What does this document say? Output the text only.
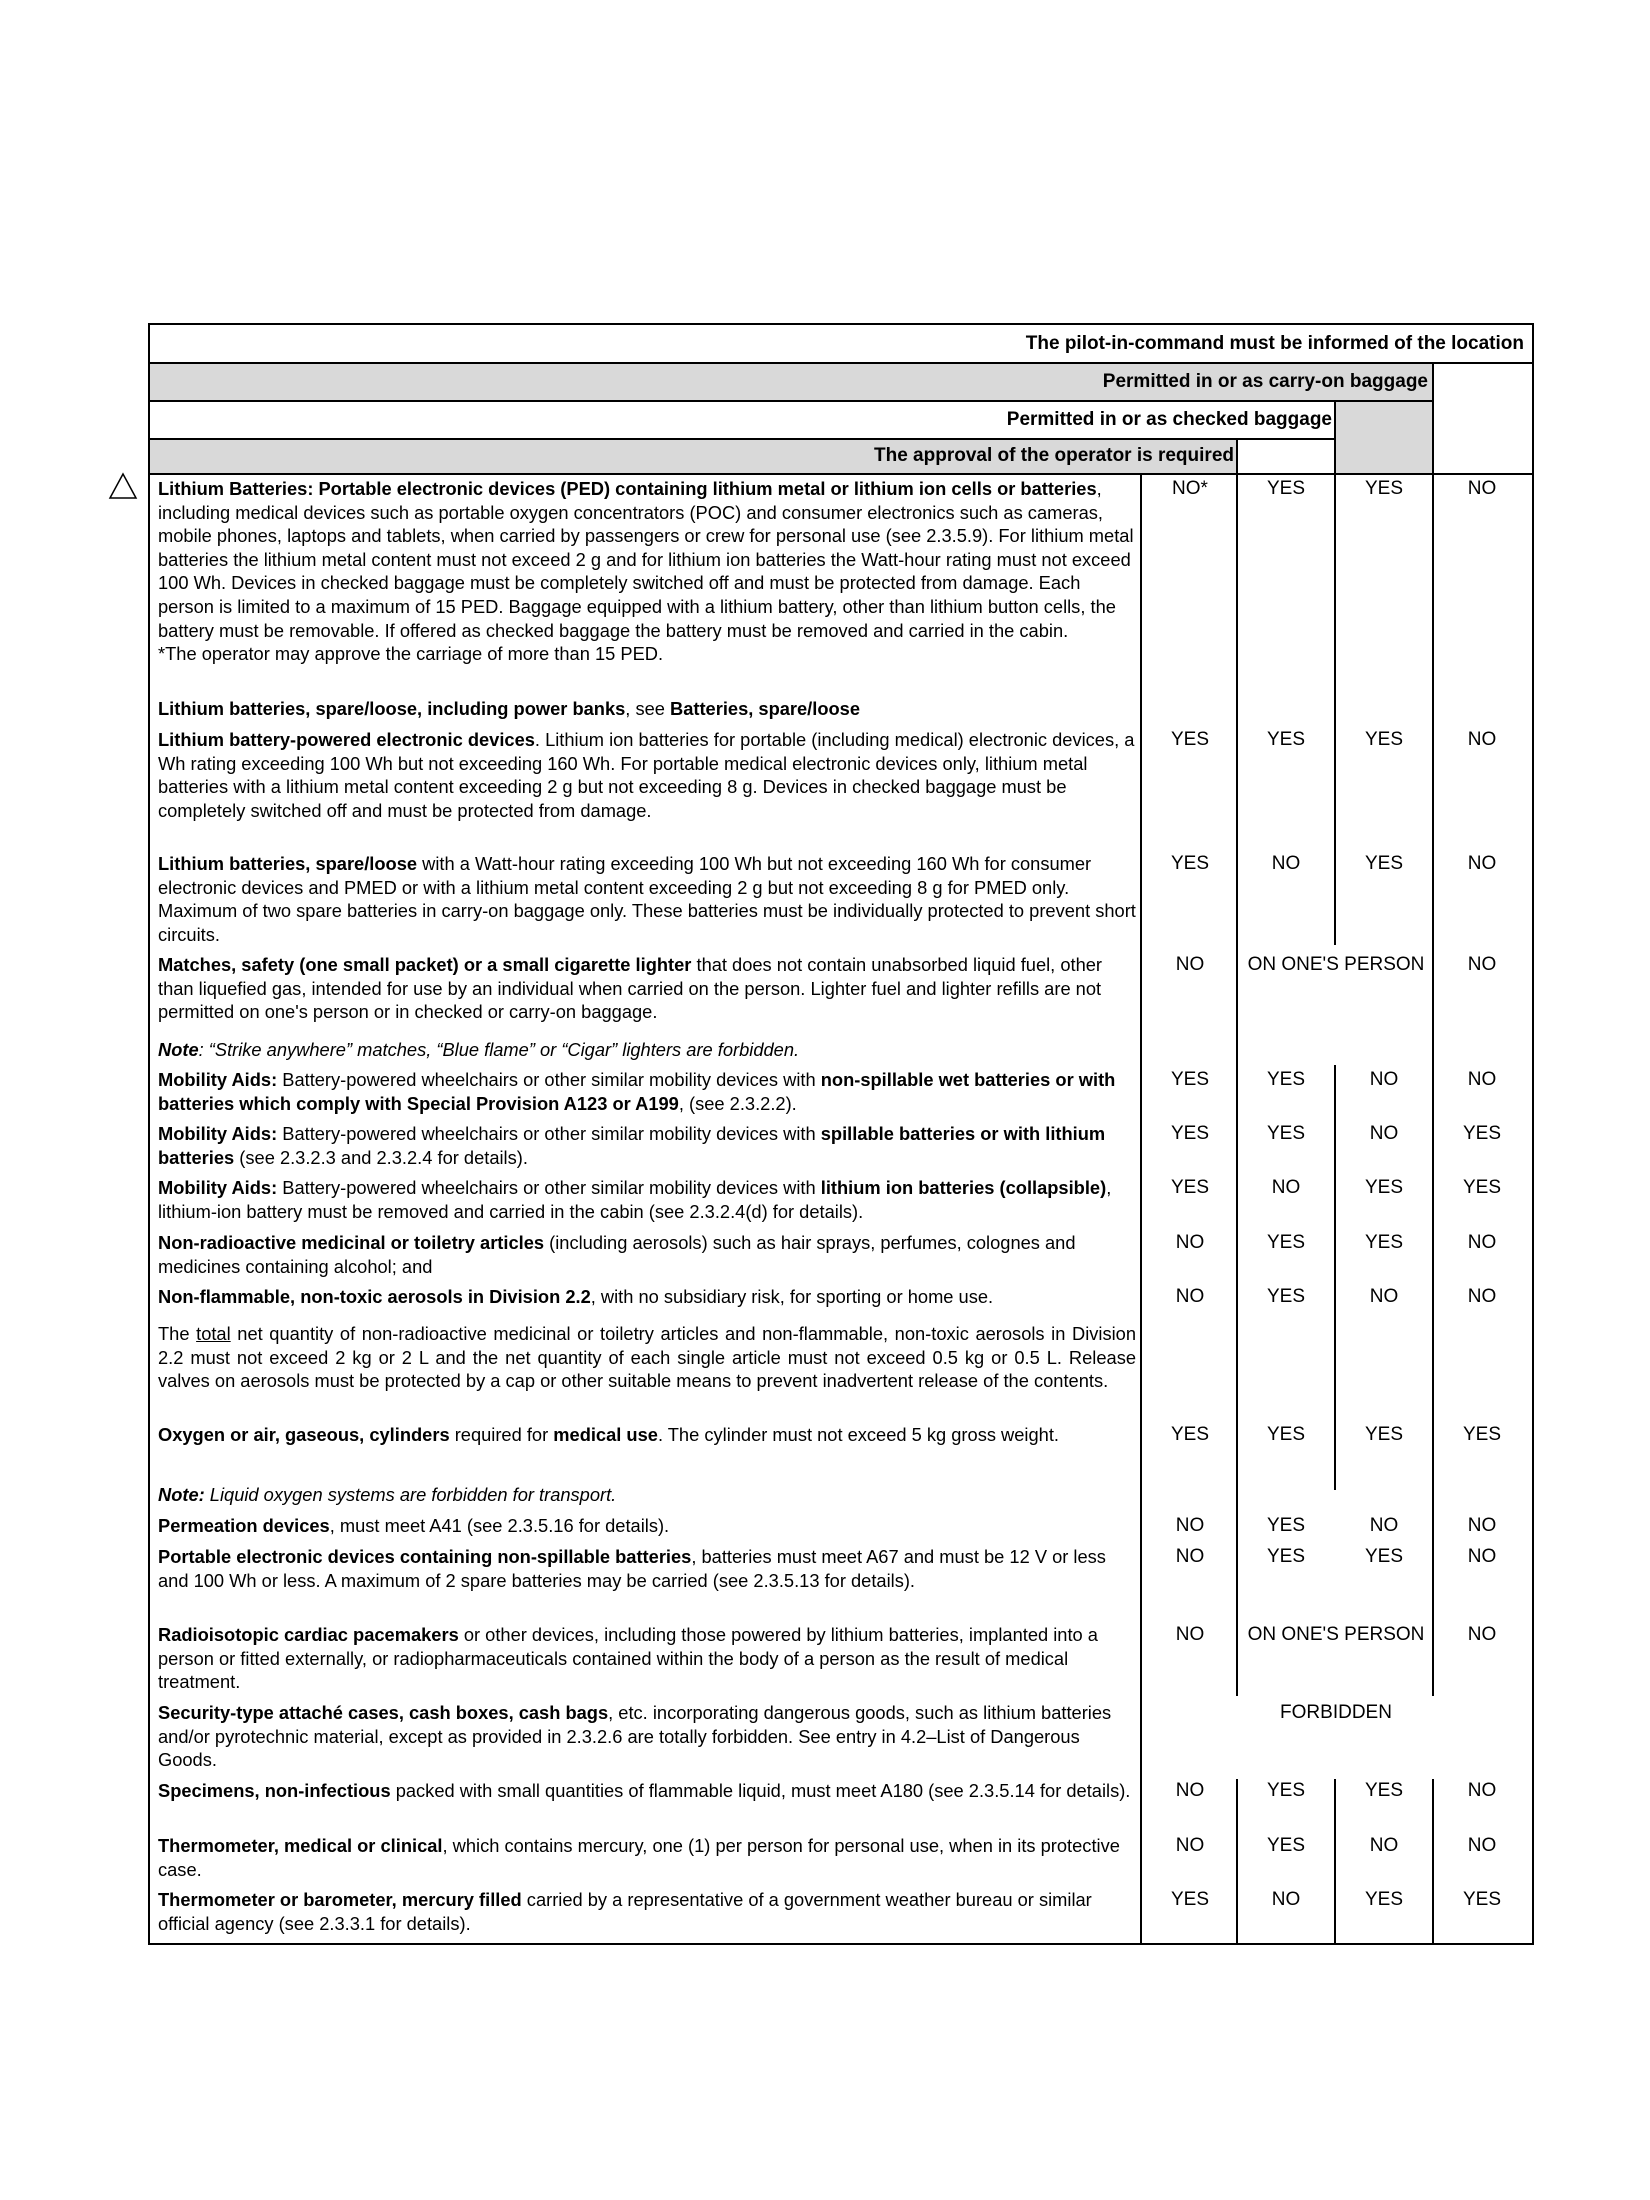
The pilot-in-command must be informed of the location
Permitted in or as carry-on baggage
Permitted in or as checked baggage
The approval of the operator is required
Lithium Batteries: Portable electronic devices (PED) containing lithium metal or lithium ion cells or batteries, including medical devices such as portable oxygen concentrators (POC) and consumer electronics such as cameras, mobile phones, laptops and tablets, when carried by passengers or crew for personal use (see 2.3.5.9). For lithium metal batteries the lithium metal content must not exceed 2 g and for lithium ion batteries the Watt-hour rating must not exceed 100 Wh. Devices in checked baggage must be completely switched off and must be protected from damage. Each person is limited to a maximum of 15 PED. Baggage equipped with a lithium battery, other than lithium button cells, the battery must be removable. If offered as checked baggage the battery must be removed and carried in the cabin.
*The operator may approve the carriage of more than 15 PED.
NO*	YES	YES	NO
Lithium batteries, spare/loose, including power banks, see Batteries, spare/loose
Lithium battery-powered electronic devices. Lithium ion batteries for portable (including medical) electronic devices, a Wh rating exceeding 100 Wh but not exceeding 160 Wh. For portable medical electronic devices only, lithium metal batteries with a lithium metal content exceeding 2 g but not exceeding 8 g. Devices in checked baggage must be completely switched off and must be protected from damage.
YES	YES	YES	NO
Lithium batteries, spare/loose with a Watt-hour rating exceeding 100 Wh but not exceeding 160 Wh for consumer electronic devices and PMED or with a lithium metal content exceeding 2 g but not exceeding 8 g for PMED only. Maximum of two spare batteries in carry-on baggage only. These batteries must be individually protected to prevent short circuits.
YES	NO	YES	NO
Matches, safety (one small packet) or a small cigarette lighter that does not contain unabsorbed liquid fuel, other than liquefied gas, intended for use by an individual when carried on the person. Lighter fuel and lighter refills are not permitted on one's person or in checked or carry-on baggage.
NO	ON ONE'S PERSON	NO
Note: “Strike anywhere” matches, “Blue flame” or “Cigar” lighters are forbidden.
Mobility Aids: Battery-powered wheelchairs or other similar mobility devices with non-spillable wet batteries or with batteries which comply with Special Provision A123 or A199, (see 2.3.2.2).
YES	YES	NO	NO
Mobility Aids: Battery-powered wheelchairs or other similar mobility devices with spillable batteries or with lithium batteries (see 2.3.2.3 and 2.3.2.4 for details).
YES	YES	NO	YES
Mobility Aids: Battery-powered wheelchairs or other similar mobility devices with lithium ion batteries (collapsible), lithium-ion battery must be removed and carried in the cabin (see 2.3.2.4(d) for details).
YES	NO	YES	YES
Non-radioactive medicinal or toiletry articles (including aerosols) such as hair sprays, perfumes, colognes and medicines containing alcohol; and
NO	YES	YES	NO
Non-flammable, non-toxic aerosols in Division 2.2, with no subsidiary risk, for sporting or home use.	NO	YES	NO	NO
The total net quantity of non-radioactive medicinal or toiletry articles and non-flammable, non-toxic aerosols in Division 2.2 must not exceed 2 kg or 2 L and the net quantity of each single article must not exceed 0.5 kg or 0.5 L. Release valves on aerosols must be protected by a cap or other suitable means to prevent inadvertent release of the contents.
Oxygen or air, gaseous, cylinders required for medical use. The cylinder must not exceed 5 kg gross weight.	YES	YES	YES	YES
Note: Liquid oxygen systems are forbidden for transport.
Permeation devices, must meet A41 (see 2.3.5.16 for details).	NO	YES	NO	NO
Portable electronic devices containing non-spillable batteries, batteries must meet A67 and must be 12 V or less and 100 Wh or less. A maximum of 2 spare batteries may be carried (see 2.3.5.13 for details).
NO	YES	YES	NO
Radioisotopic cardiac pacemakers or other devices, including those powered by lithium batteries, implanted into a person or fitted externally, or radiopharmaceuticals contained within the body of a person as the result of medical treatment.
NO	ON ONE'S PERSON	NO
Security-type attaché cases, cash boxes, cash bags, etc. incorporating dangerous goods, such as lithium batteries and/or pyrotechnic material, except as provided in 2.3.2.6 are totally forbidden. See entry in 4.2–List of Dangerous Goods.
FORBIDDEN
Specimens, non-infectious packed with small quantities of flammable liquid, must meet A180 (see 2.3.5.14 for details).	NO	YES	YES	NO
Thermometer, medical or clinical, which contains mercury, one (1) per person for personal use, when in its protective case.
NO	YES	NO	NO
Thermometer or barometer, mercury filled carried by a representative of a government weather bureau or similar official agency (see 2.3.3.1 for details).
YES	NO	YES	YES
